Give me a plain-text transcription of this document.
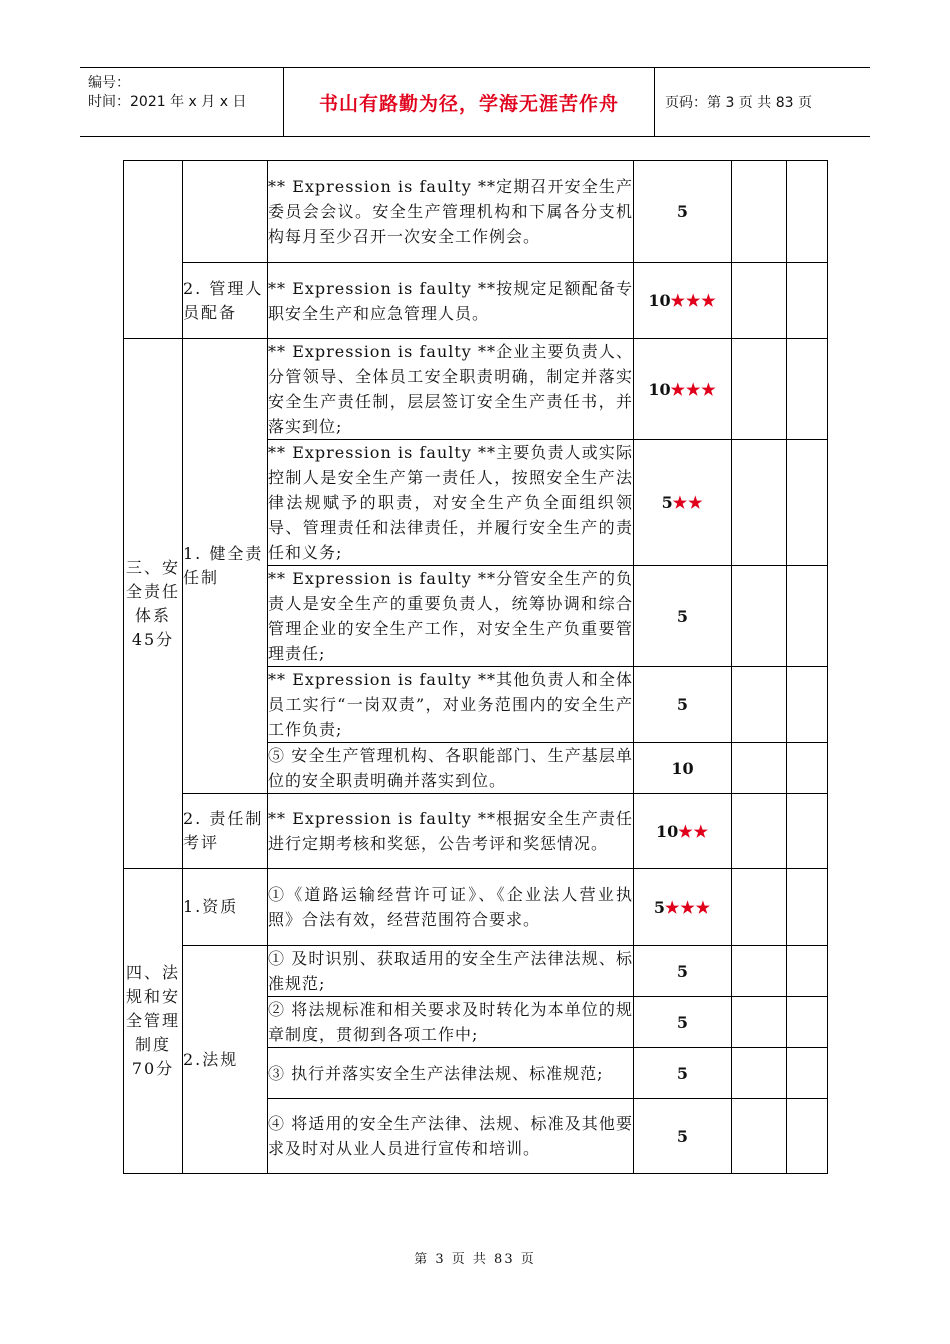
编号：
时间：2021 年 x 月 x 日	书山有路勤为径，学海无涯苦作舟	页码：第 3 页 共 83 页
		** Expression is faulty **定期召开安全生产委员会会议。安全生产管理机构和下属各分支机构每月至少召开一次安全工作例会。	5		
	2. 管理人员配备	** Expression is faulty **按规定足额配备专职安全生产和应急管理人员。	10★★★		
三、安全责任体系45分	1. 健全责任制	** Expression is faulty **企业主要负责人、分管领导、全体员工安全职责明确，制定并落实安全生产责任制，层层签订安全生产责任书，并落实到位;	10★★★		
		** Expression is faulty **主要负责人或实际控制人是安全生产第一责任人，按照安全生产法律法规赋予的职责，对安全生产负全面组织领导、管理责任和法律责任，并履行安全生产的责任和义务;	5★★		
		** Expression is faulty **分管安全生产的负责人是安全生产的重要负责人，统筹协调和综合管理企业的安全生产工作，对安全生产负重要管理责任;	5		
		** Expression is faulty **其他负责人和全体员工实行“一岗双责”，对业务范围内的安全生产工作负责;	5		
		⑤ 安全生产管理机构、各职能部门、生产基层单位的安全职责明确并落实到位。	10		
	2. 责任制考评	** Expression is faulty **根据安全生产责任进行定期考核和奖惩，公告考评和奖惩情况。	10★★		
四、法规和安全管理制度70分	1.资质	①《道路运输经营许可证》、《企业法人营业执照》合法有效，经营范围符合要求。	5★★★		
	2.法规	① 及时识别、获取适用的安全生产法律法规、标准规范;	5		
		② 将法规标准和相关要求及时转化为本单位的规章制度，贯彻到各项工作中;	5		
		③ 执行并落实安全生产法律法规、标准规范;	5		
		④ 将适用的安全生产法律、法规、标准及其他要求及时对从业人员进行宣传和培训。	5		
第 3 页 共 83 页
